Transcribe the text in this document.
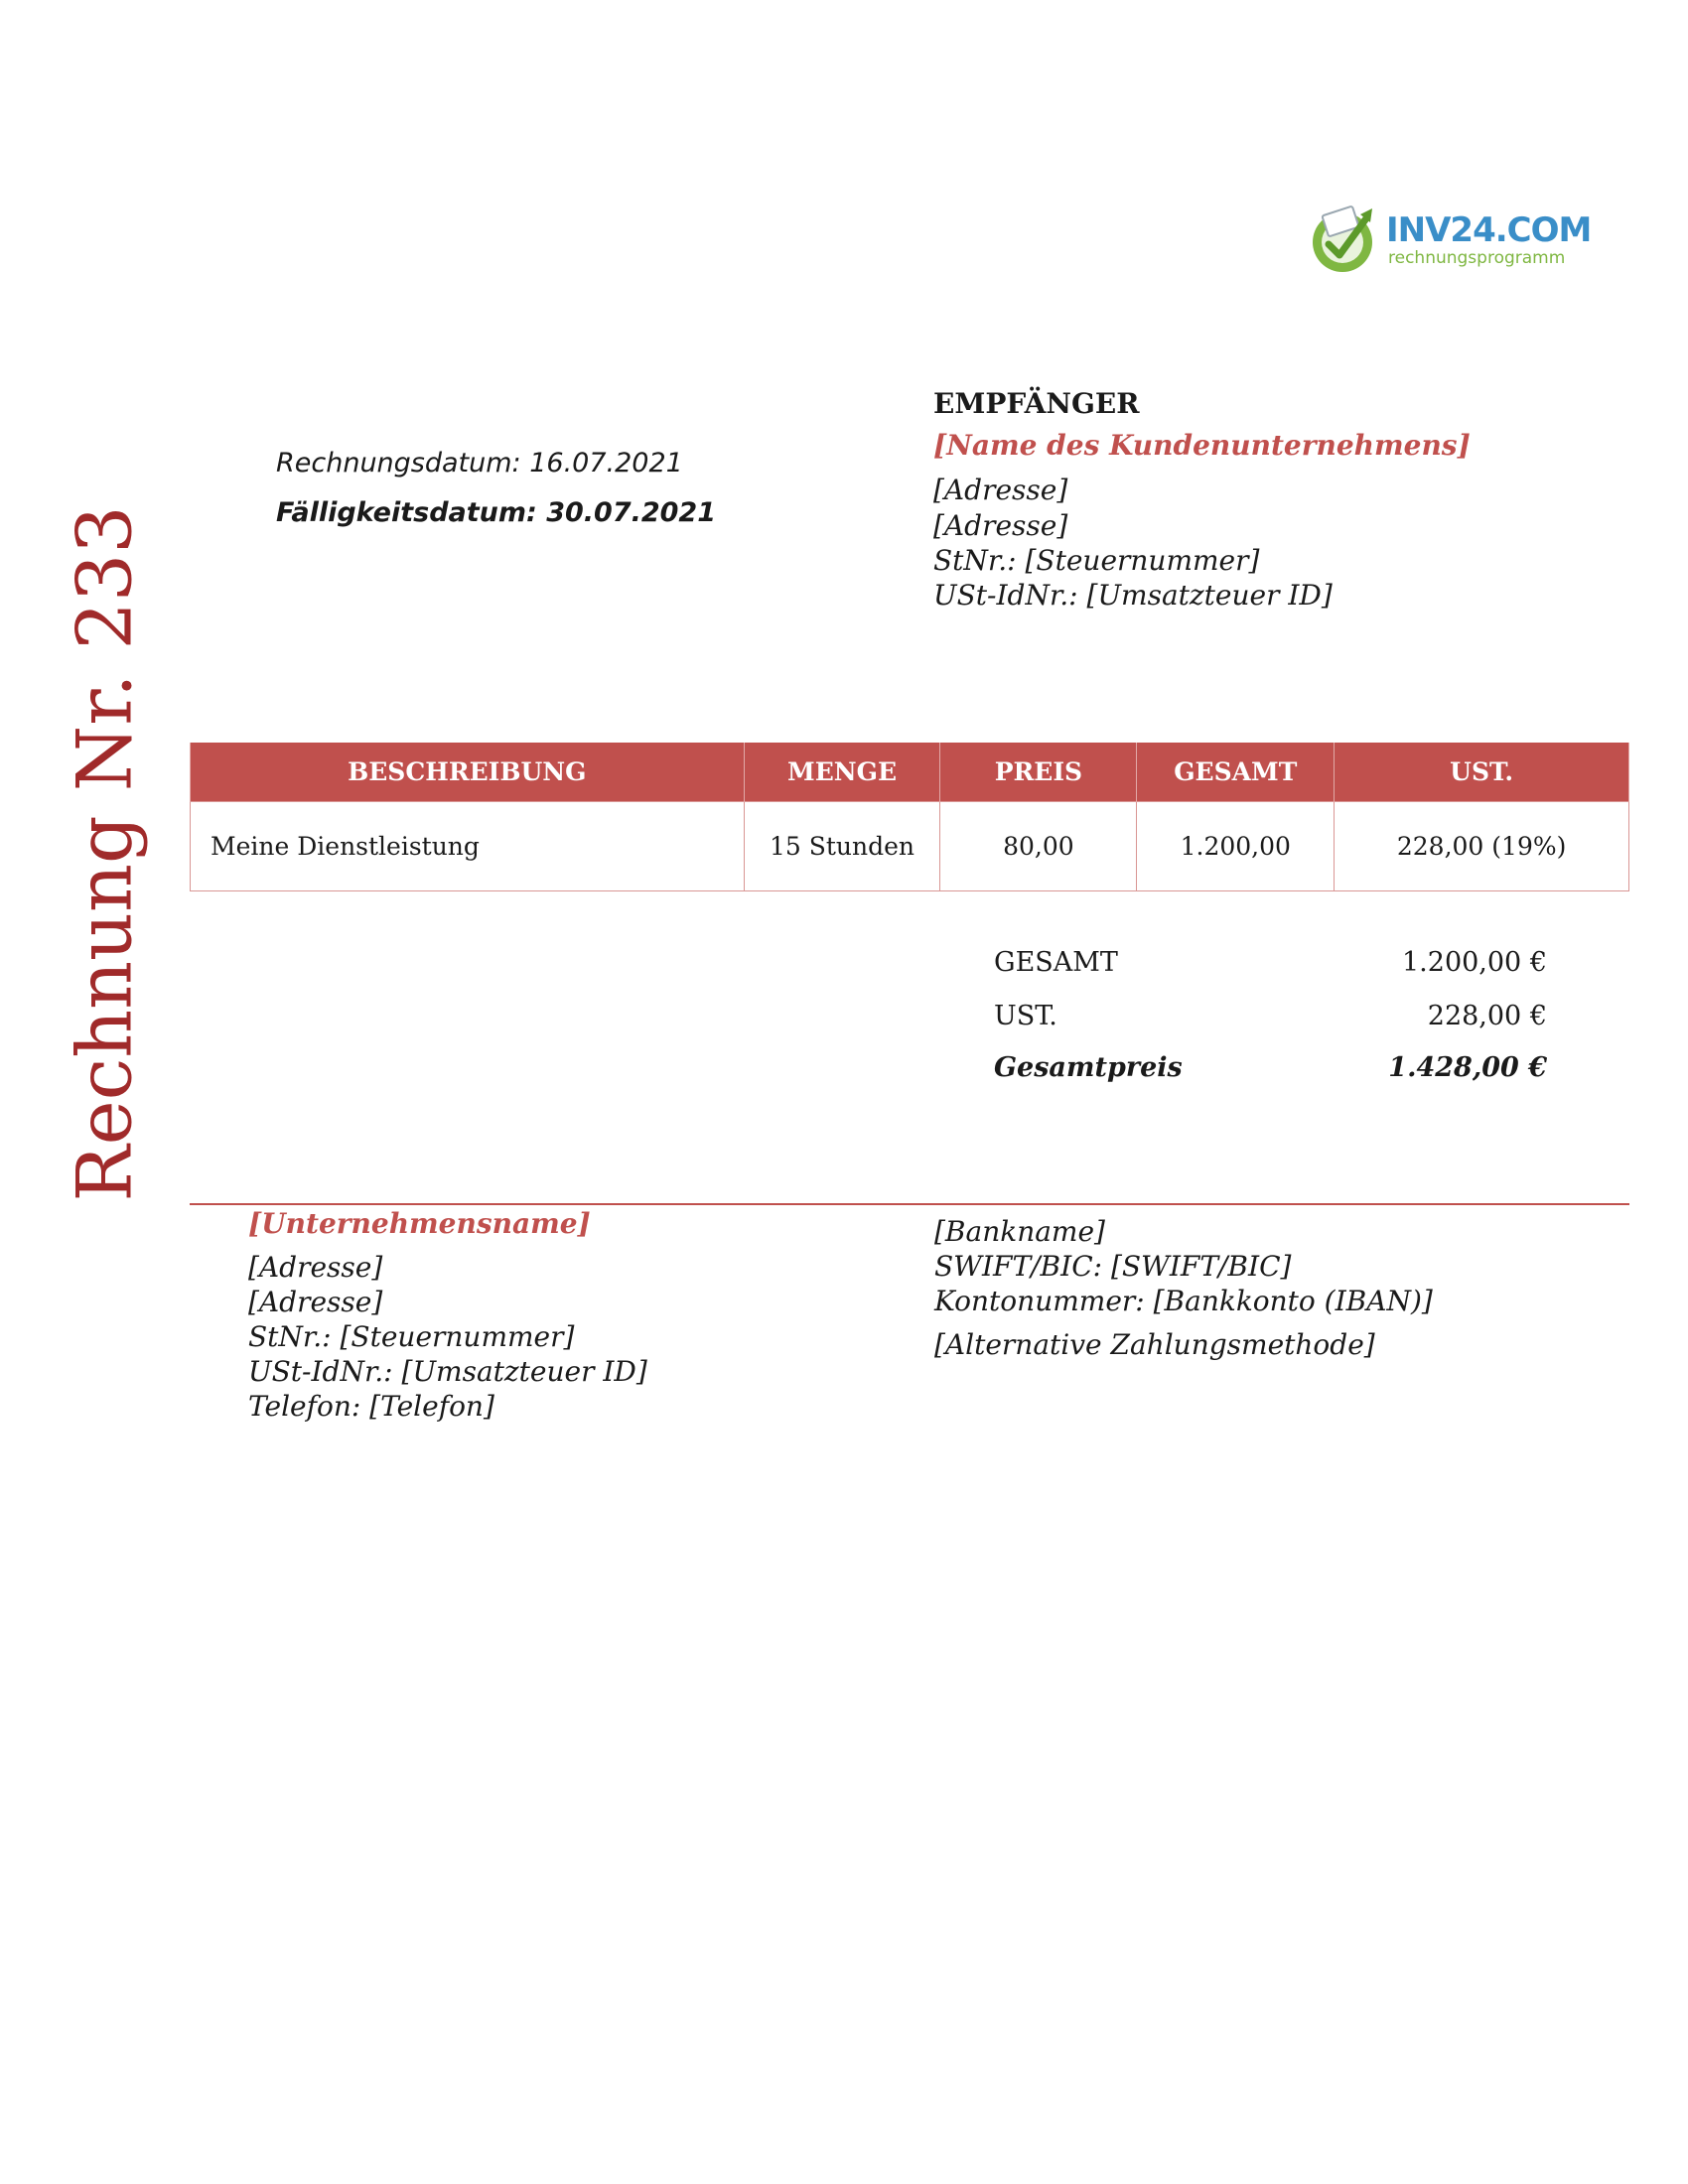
INV24.COM
rechnungsprogramm
Rechnung Nr. 233
Rechnungsdatum: 16.07.2021
Fälligkeitsdatum: 30.07.2021
EMPFÄNGER
[Name des Kundenunternehmens]
[Adresse]
[Adresse]
StNr.: [Steuernummer]
USt-IdNr.: [Umsatzteuer ID]
BESCHREIBUNG	MENGE	PREIS	GESAMT	UST.
Meine Dienstleistung	15 Stunden	80,00	1.200,00	228,00 (19%)
GESAMT	1.200,00 €
UST.	228,00 €
Gesamtpreis	1.428,00 €
[Unternehmensname]
[Adresse]
[Adresse]
StNr.: [Steuernummer]
USt-IdNr.: [Umsatzteuer ID]
Telefon: [Telefon]
[Bankname]
SWIFT/BIC: [SWIFT/BIC]
Kontonummer: [Bankkonto (IBAN)]
[Alternative Zahlungsmethode]
